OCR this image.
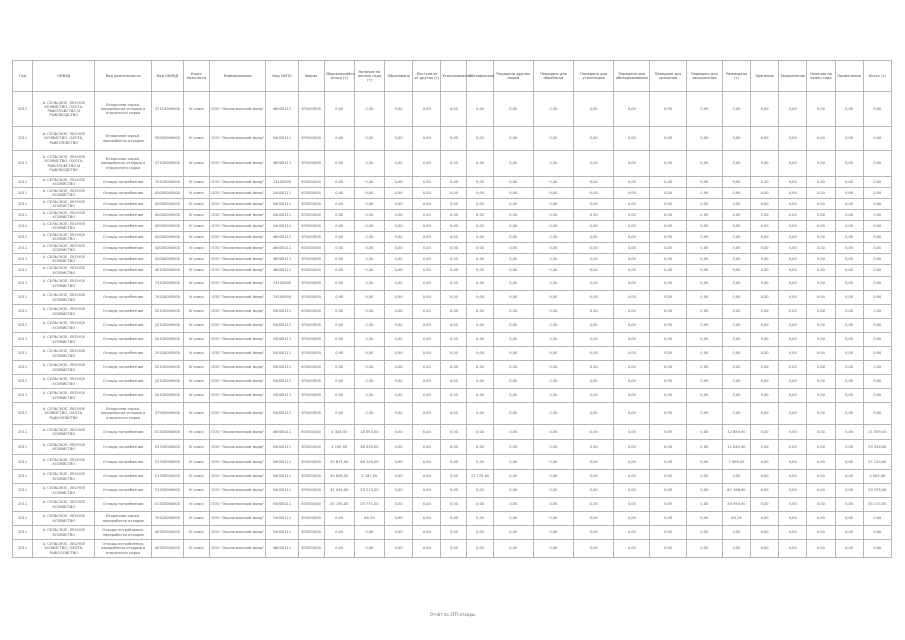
Год	ОКВЭД	Вид деятельности	Код ОКВЭД	Класс опасности	Наименование	Код ОКПО	Форма	Образующийся отход (т)	Наличие на начало года (т)	Образовано	Поступило от других (т)	Утилизировано	Обезврежено	Передано другим лицам	Передано для обработки	Передано для утилизации	Передано для обезвреживания	Передано для хранения	Передано для захоронения	Размещено (т)	Хранение	Захоронение	Наличие на конец года	Примечание	Всего (т)
2011	А. СЕЛЬСКОЕ, ЛЕСНОЕ ХОЗЯЙСТВО, ОХОТА, РЫБОЛОВСТВО И РЫБОВОДСТВО	Вторичное сырьё, переработка отходов и вторичного сырья	47113000000	IV класс	ООО "Экологический фонд"	46000111	67000/000	0,00	0,00	0,00	0,00	0,00	0,00	0,00	0,00	0,00	0,00	0,00	0,00	0,00	0,00	0,00	0,00	0,00	0,00
2011	А. СЕЛЬСКОЕ, ЛЕСНОЕ ХОЗЯЙСТВО, ОХОТА, РЫБОЛОВСТВО	Вторичное сырьё, переработка отходов	35900000000	IV класс	ООО "Экологический фонд"	54000111	67000/000	0,00	0,00	0,00	0,00	0,00	0,00	0,00	0,00	0,00	0,00	0,00	0,00	0,00	0,00	0,00	0,00	0,00	0,00
2011	А. СЕЛЬСКОЕ, ЛЕСНОЕ ХОЗЯЙСТВО, ОХОТА, РЫБОЛОВСТВО И РЫБОВОДСТВО	Вторичное сырьё, переработка отходов и вторичного сырья	47100000000	IV класс	ООО "Экологический фонд"	46000111	67000/000	0,00	0,00	0,00	0,00	0,00	0,00	0,00	0,00	0,00	0,00	0,00	0,00	0,00	0,00	0,00	0,00	0,00	0,00
2011	А. СЕЛЬСКОЕ, ЛЕСНОЕ ХОЗЯЙСТВО	Отходы потребления	70320000000	IV класс	ООО "Экологический фонд"	74100000	67000/000	0,00	0,00	0,00	0,00	0,00	0,00	0,00	0,00	0,00	0,00	0,00	0,00	0,00	0,20	0,00	0,00	0,00	0,00
2011	А. СЕЛЬСКОЕ, ЛЕСНОЕ ХОЗЯЙСТВО	Отходы потребления	42000000000	IV класс	ООО "Экологический фонд"	24000111	67000/000	0,00	0,00	0,00	0,00	0,00	0,00	0,00	0,00	0,00	0,00	0,00	0,00	0,00	0,00	0,00	0,00	0,00	0,00
2011	А. СЕЛЬСКОЕ, ЛЕСНОЕ ХОЗЯЙСТВО	Отходы потребления	42000000000	IV класс	ООО "Экологический фонд"	54000111	67000/000	0,00	0,00	0,00	0,00	0,00	0,00	0,00	0,00	0,00	0,00	0,00	0,00	0,00	0,00	0,00	0,00	0,00	0,00
2011	А. СЕЛЬСКОЕ, ЛЕСНОЕ ХОЗЯЙСТВО	Отходы потребления	42000000000	IV класс	ООО "Экологический фонд"	54000111	67000/000	0,00	0,00	0,00	0,00	0,00	0,00	0,00	0,00	0,00	0,00	0,00	0,00	0,00	0,00	0,00	0,00	0,00	0,00
2011	А. СЕЛЬСКОЕ, ЛЕСНОЕ ХОЗЯЙСТВО	Отходы потребления	42000000000	IV класс	ООО "Экологический фонд"	24000111	67000/000	0,00	0,00	0,00	0,00	0,00	0,00	0,00	0,00	0,00	0,00	0,00	0,00	0,00	0,00	0,00	0,00	0,00	0,00
2011	А. СЕЛЬСКОЕ, ЛЕСНОЕ ХОЗЯЙСТВО	Отходы потребления	42000000000	IV класс	ООО "Экологический фонд"	46000111	67000/000	0,00	0,00	0,00	0,00	0,00	0,00	0,00	0,00	0,00	0,00	0,00	0,00	0,00	0,00	0,00	0,00	0,00	0,00
2011	А. СЕЛЬСКОЕ, ЛЕСНОЕ ХОЗЯЙСТВО	Отходы потребления	42000000000	IV класс	ООО "Экологический фонд"	46000111	67000/000	0,00	0,00	0,00	0,00	0,00	0,00	0,00	0,00	0,00	0,00	0,00	0,00	0,00	0,00	0,00	0,00	0,00	0,00
2011	А. СЕЛЬСКОЕ, ЛЕСНОЕ ХОЗЯЙСТВО	Отходы потребления	42000000000	IV класс	ООО "Экологический фонд"	46000111	67000/000	0,00	0,00	0,00	0,00	0,00	0,00	0,00	0,00	0,00	0,00	0,00	0,00	0,00	0,00	0,00	0,00	0,00	0,00
2011	А. СЕЛЬСКОЕ, ЛЕСНОЕ ХОЗЯЙСТВО	Отходы потребления	45100000000	IV класс	ООО "Экологический фонд"	46000111	67000/000	0,00	0,00	0,00	0,00	0,00	0,00	0,00	0,00	0,00	0,00	0,00	0,00	0,00	0,00	0,00	0,00	0,00	0,00
2011	А. СЕЛЬСКОЕ, ЛЕСНОЕ ХОЗЯЙСТВО	Отходы потребления	74100000000	IV класс	ООО "Экологический фонд"	74100000	67000/000	0,00	0,00	0,00	0,00	0,00	0,00	0,00	0,00	0,00	0,00	0,00	0,00	0,00	0,00	0,00	0,00	0,00	0,00
2011	А. СЕЛЬСКОЕ, ЛЕСНОЕ ХОЗЯЙСТВО	Отходы потребления	74100000000	IV класс	ООО "Экологический фонд"	74100000	67000/000	0,00	0,00	0,00	0,00	0,00	0,00	0,00	0,00	0,00	0,00	0,00	0,00	0,00	0,00	0,00	0,00	0,00	0,00
2011	А. СЕЛЬСКОЕ, ЛЕСНОЕ ХОЗЯЙСТВО	Отходы потребления	20100000000	IV класс	ООО "Экологический фонд"	54000111	67000/000	0,00	0,00	0,00	0,00	0,00	0,00	0,00	0,00	0,00	0,00	0,00	0,00	0,00	0,00	0,00	0,00	0,00	0,00
2011	А. СЕЛЬСКОЕ, ЛЕСНОЕ ХОЗЯЙСТВО	Отходы потребления	20100000000	IV класс	ООО "Экологический фонд"	54000111	67000/000	0,00	0,00	0,00	0,00	0,00	0,00	0,00	0,00	0,00	0,00	0,00	0,00	0,00	0,00	0,00	0,00	0,00	0,00
2011	А. СЕЛЬСКОЕ, ЛЕСНОЕ ХОЗЯЙСТВО	Отходы потребления	20100000000	IV класс	ООО "Экологический фонд"	54000111	67000/000	0,00	0,00	0,00	0,00	0,00	0,00	0,00	0,00	0,00	0,00	0,00	0,00	0,00	0,00	0,00	0,00	0,00	0,00
2011	А. СЕЛЬСКОЕ, ЛЕСНОЕ ХОЗЯЙСТВО	Отходы потребления	20100000000	IV класс	ООО "Экологический фонд"	54000111	67000/000	0,00	0,00	0,00	0,00	0,00	0,00	0,00	0,00	0,00	0,00	0,00	0,00	0,00	0,00	0,00	0,00	0,00	0,00
2011	А. СЕЛЬСКОЕ, ЛЕСНОЕ ХОЗЯЙСТВО	Отходы потребления	20100000000	IV класс	ООО "Экологический фонд"	54000111	67000/000	0,00	0,00	0,00	0,00	0,00	0,00	0,00	0,00	0,00	0,00	0,00	0,00	0,00	0,00	0,00	0,00	0,00	0,00
2011	А. СЕЛЬСКОЕ, ЛЕСНОЕ ХОЗЯЙСТВО	Отходы потребления	20100000000	IV класс	ООО "Экологический фонд"	54000111	67000/000	0,00	0,00	0,00	0,00	0,00	0,00	0,00	0,00	0,00	0,00	0,00	0,00	0,00	0,00	0,00	0,00	0,00	0,00
2011	А. СЕЛЬСКОЕ, ЛЕСНОЕ ХОЗЯЙСТВО	Отходы потребления	20100000000	IV класс	ООО "Экологический фонд"	54000111	67000/000	0,00	0,00	0,00	0,00	0,00	0,00	0,00	0,00	0,00	0,00	0,00	0,00	0,00	0,00	0,00	0,00	0,00	0,00
2011	А. СЕЛЬСКОЕ, ЛЕСНОЕ ХОЗЯЙСТВО, ОХОТА, РЫБОЛОВСТВО	Вторичное сырьё, переработка отходов и вторичного сырья	37900000000	IV класс	ООО "Экологический фонд"	54000111	67000/000	0,00	0,00	0,00	0,00	0,00	0,00	0,00	0,00	0,00	0,00	0,00	0,00	0,00	0,00	0,00	0,00	0,00	0,00
2011	А. СЕЛЬСКОЕ, ЛЕСНОЕ ХОЗЯЙСТВО	Отходы потребления	51700000000	IV класс	ООО "Экологический фонд"	46000111	67000/000	4 343,00	18 053,00	0,00	0,00	0,00	0,00	0,00	0,00	0,00	0,00	0,00	0,00	12 859,00	0,00	0,00	0,00	0,00	11 059,00
2011	А. СЕЛЬСКОЕ, ЛЕСНОЕ ХОЗЯЙСТВО	Отходы потребления	51700000000	IV класс	ООО "Экологический фонд"	54000111	67000/000	2 139,00	38 335,00	0,00	0,00	0,00	0,00	0,00	0,00	0,00	0,00	0,00	0,00	11 040,00	0,00	0,00	0,00	0,00	29 330,00
2011	А. СЕЛЬСКОЕ, ЛЕСНОЕ ХОЗЯЙСТВО	Отходы потребления	51700000000	IV класс	ООО "Экологический фонд"	54000111	67000/000	25 875,00	48 125,00	0,00	0,00	0,00	0,00	0,00	0,00	0,00	0,00	0,00	0,00	7 909,00	0,00	0,00	0,00	0,00	27 120,00
2011	А. СЕЛЬСКОЕ, ЛЕСНОЕ ХОЗЯЙСТВО	Отходы потребления	51700000000	IV класс	ООО "Экологический фонд"	54000111	67000/000	29 658,00	2 187,00	0,00	0,00	0,00	17 775,00	0,00	0,00	0,00	0,00	0,00	0,00	0,00	0,00	0,00	0,00	0,00	2 902,00
2011	А. СЕЛЬСКОЕ, ЛЕСНОЕ ХОЗЯЙСТВО	Отходы потребления	51700000000	IV класс	ООО "Экологический фонд"	54000111	67000/000	31 054,00	33 213,00	0,00	0,00	0,00	0,00	0,00	0,00	0,00	0,00	0,00	0,00	87 198,00	0,00	0,00	0,00	0,00	50 155,00
2011	А. СЕЛЬСКОЕ, ЛЕСНОЕ ХОЗЯЙСТВО	Отходы потребления	51700000000	IV класс	ООО "Экологический фонд"	54000111	67000/000	25 154,00	25 771,00	0,00	0,00	0,00	0,00	0,00	0,00	0,00	0,00	0,00	0,00	50 959,00	0,00	0,00	0,00	0,00	34 115,00
2011	А. СЕЛЬСКОЕ, ЛЕСНОЕ ХОЗЯЙСТВО	Вторичное сырьё, переработка отходов	70320000000	IV класс	ООО "Экологический фонд"	24000111	67000/000	0,00	80,23	0,00	0,00	0,00	0,00	0,00	0,00	0,00	0,00	0,00	0,00	80,23	0,00	0,00	0,00	0,00	0,00
2011	А. СЕЛЬСКОЕ, ЛЕСНОЕ ХОЗЯЙСТВО	Отходы потребления, переработка отходов	45300000000	IV класс	ООО "Экологический фонд"	24000111	67000/000	0,00	0,00	0,00	0,00	0,00	0,00	0,00	0,00	0,00	0,00	0,00	0,00	0,00	0,00	0,00	0,00	0,00	0,00
2011	А. СЕЛЬСКОЕ, ЛЕСНОЕ ХОЗЯЙСТВО, ОХОТА, РЫБОЛОВСТВО	Отходы потребления, переработка отходов и вторичного сырья	45300000000	IV класс	ООО "Экологический фонд"	46000111	67000/000	0,00	0,00	0,00	0,00	0,00	0,00	0,00	0,00	0,00	0,00	0,00	0,00	0,00	0,00	0,00	0,00	0,00	0,00
Отчёт по 2ТП-отходы
